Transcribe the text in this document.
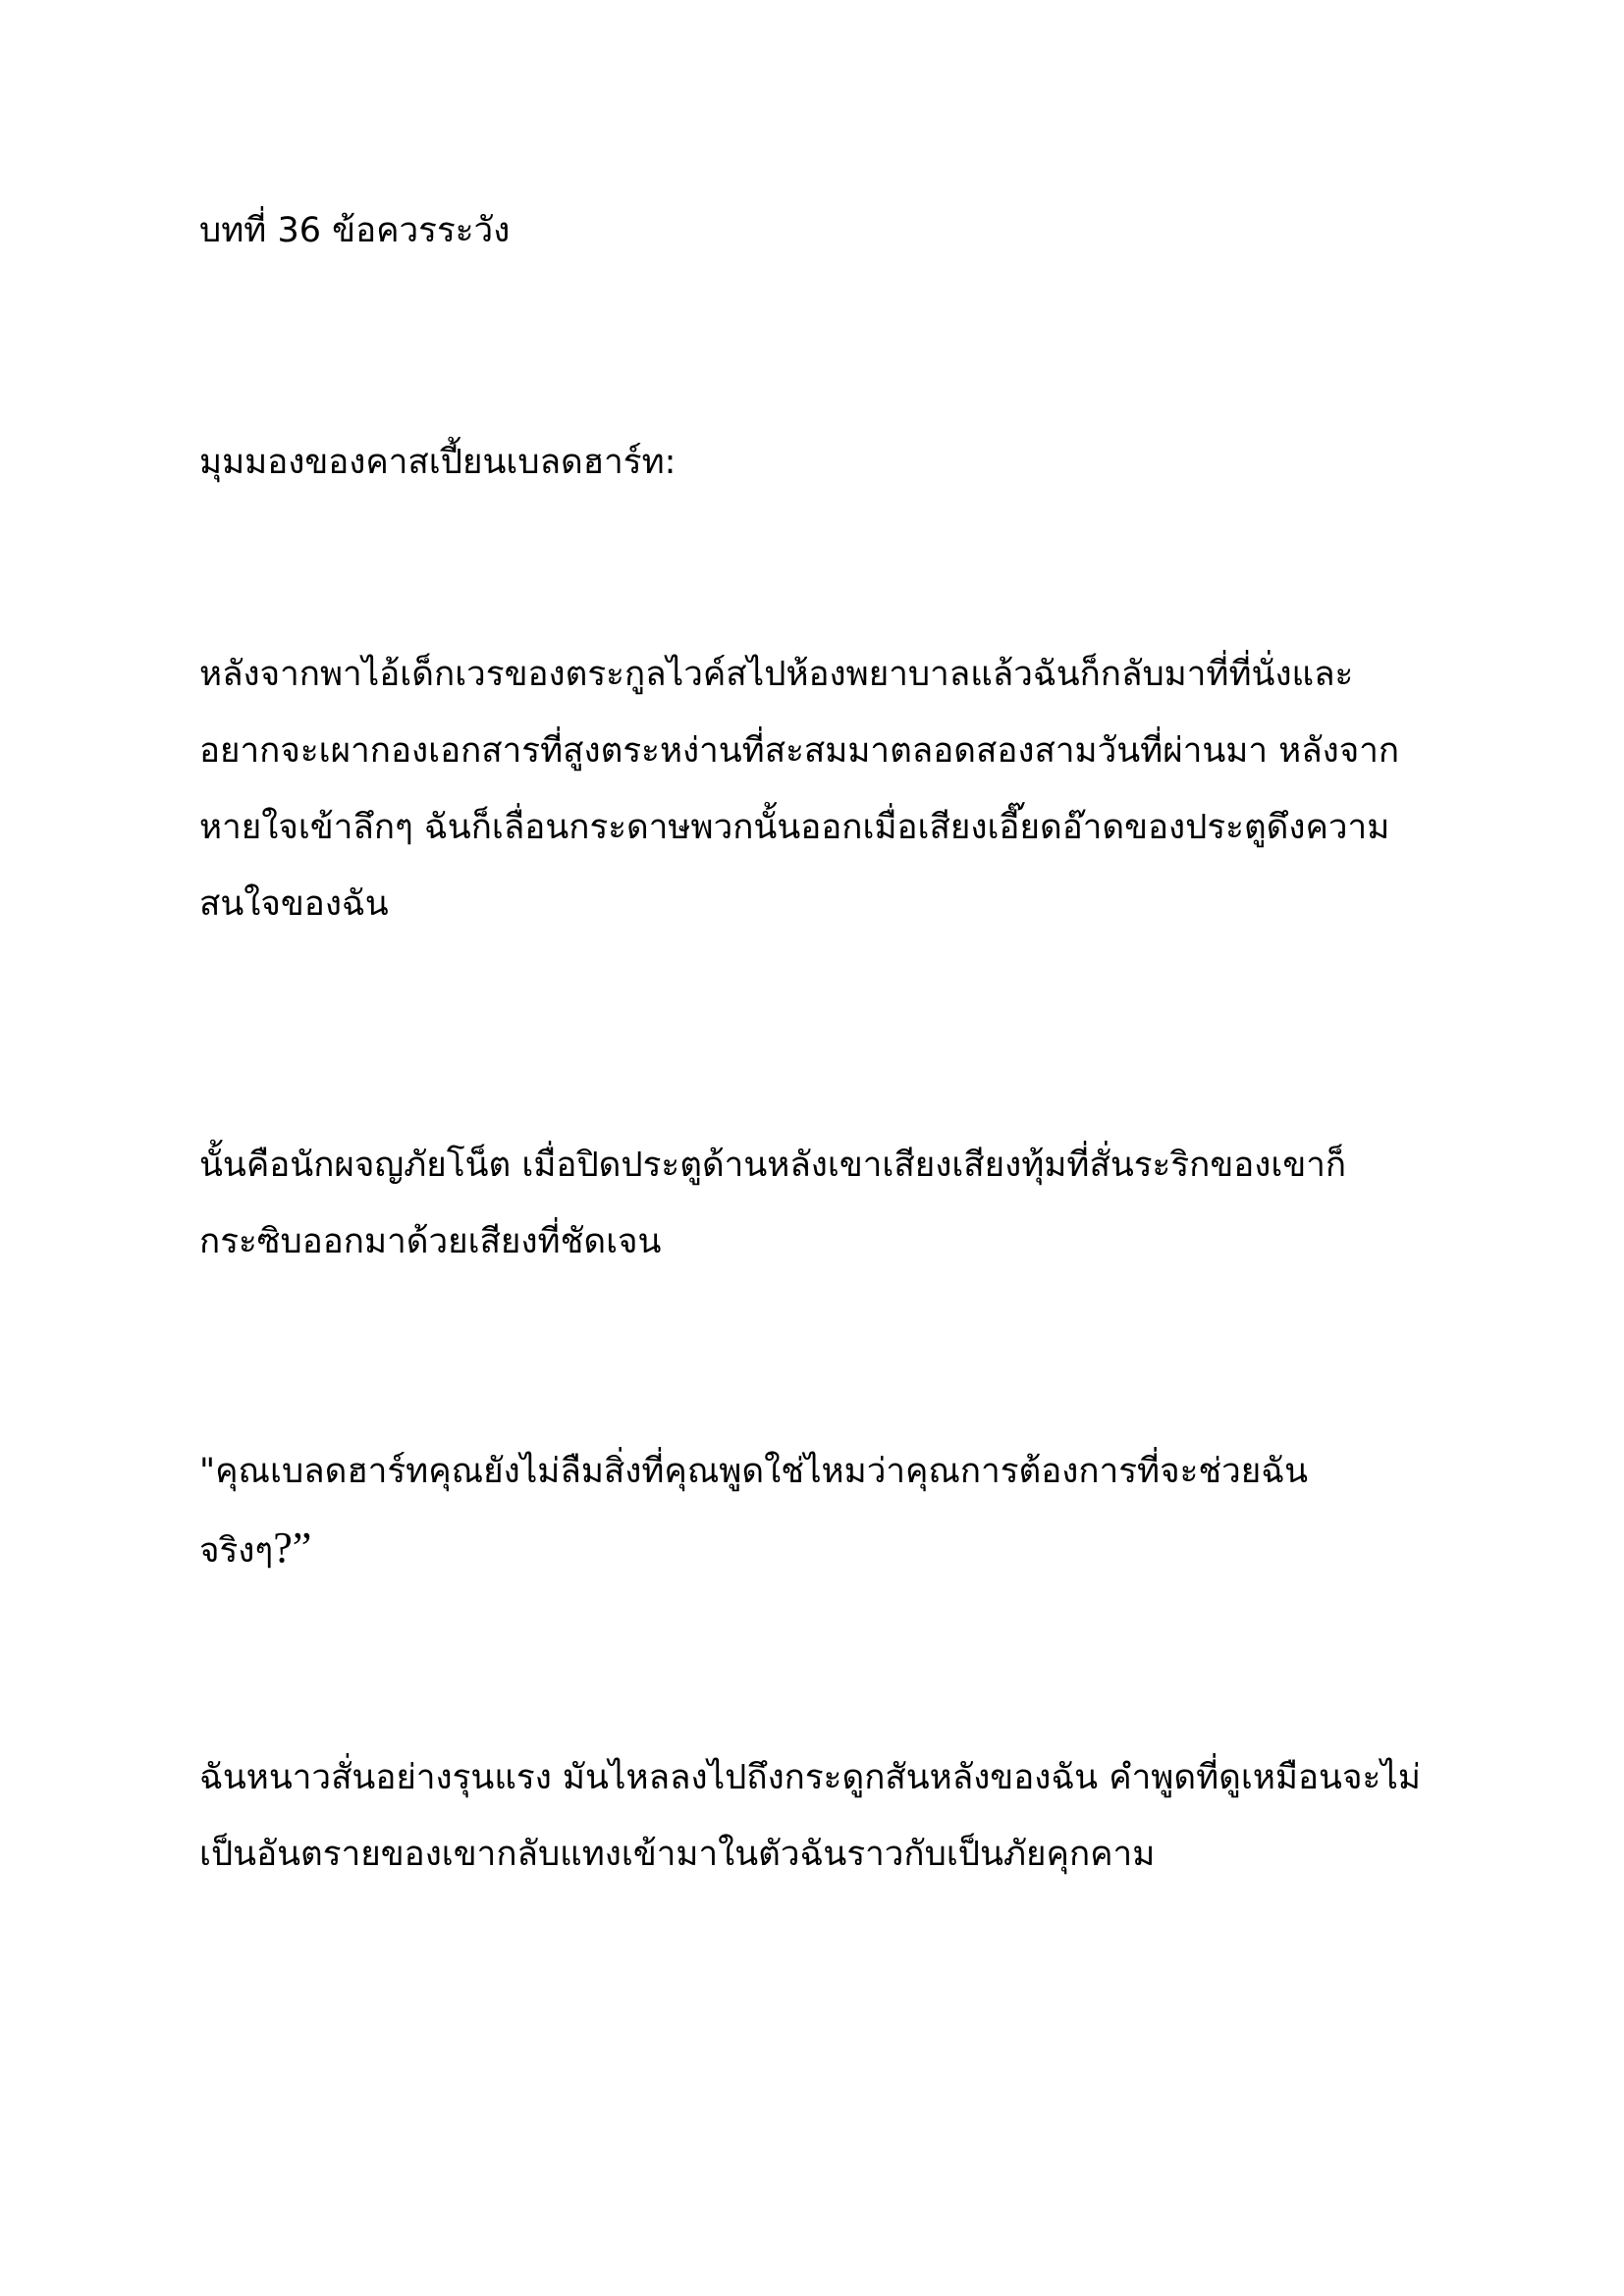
บทที่ 36 ข้อควรระวัง

มุมมองของคาสเปี้ยนเบลดฮาร์ท:

หลังจากพาไอ้เด็กเวรของตระกูลไวค์สไปห้องพยาบาลแล้วฉันก็กลับมาที่ที่นั่งและ
อยากจะเผากองเอกสารที่สูงตระหง่านที่สะสมมาตลอดสองสามวันที่ผ่านมา หลังจาก
หายใจเข้าลึกๆ ฉันก็เลื่อนกระดาษพวกนั้นออกเมื่อเสียงเอี๊ยดอ๊าดของประตูดึงความ
สนใจของฉัน

นั้นคือนักผจญภัยโน็ต เมื่อปิดประตูด้านหลังเขาเสียงเสียงทุ้มที่สั่นระริกของเขาก็
กระซิบออกมาด้วยเสียงที่ชัดเจน

"คุณเบลดฮาร์ทคุณยังไม่ลืมสิ่งที่คุณพูดใช่ไหมว่าคุณการต้องการที่จะช่วยฉัน
จริงๆ?”

ฉันหนาวสั่นอย่างรุนแรง มันไหลลงไปถึงกระดูกสันหลังของฉัน คำพูดที่ดูเหมือนจะไม่
เป็นอันตรายของเขากลับแทงเข้ามาในตัวฉันราวกับเป็นภัยคุกคาม
